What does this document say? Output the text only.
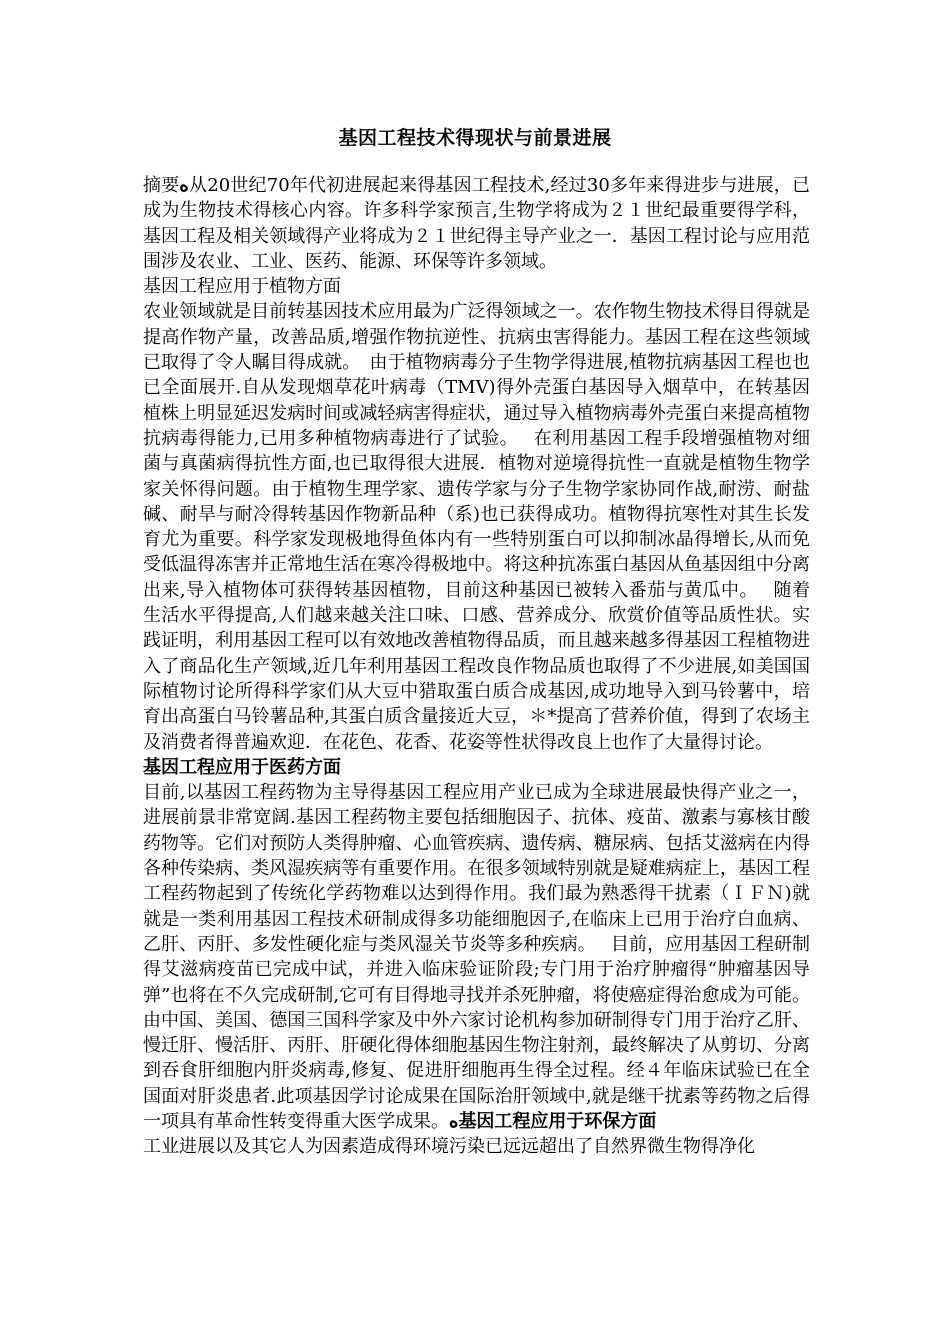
基因工程技术得现状与前景进展

摘要ﻩ从20世纪70年代初进展起来得基因工程技术,经过30多年来得进步与进展，已成为生物技术得核心内容。许多科学家预言,生物学将成为２１世纪最重要得学科，基因工程及相关领域得产业将成为２１世纪得主导产业之一．基因工程讨论与应用范围涉及农业、工业、医药、能源、环保等许多领域。

基因工程应用于植物方面

农业领域就是目前转基因技术应用最为广泛得领域之一。农作物生物技术得目得就是提高作物产量，改善品质,增强作物抗逆性、抗病虫害得能力。基因工程在这些领域已取得了令人瞩目得成就。　由于植物病毒分子生物学得进展,植物抗病基因工程也也已全面展开.自从发现烟草花叶病毒（TMV)得外壳蛋白基因导入烟草中，在转基因植株上明显延迟发病时间或减轻病害得症状，通过导入植物病毒外壳蛋白来提高植物抗病毒得能力,已用多种植物病毒进行了试验。　 在利用基因工程手段增强植物对细菌与真菌病得抗性方面,也已取得很大进展．植物对逆境得抗性一直就是植物生物学家关怀得问题。由于植物生理学家、遗传学家与分子生物学家协同作战,耐涝、耐盐碱、耐旱与耐冷得转基因作物新品种（系)也已获得成功。植物得抗寒性对其生长发育尤为重要。科学家发现极地得鱼体内有一些特别蛋白可以抑制冰晶得增长,从而免受低温得冻害并正常地生活在寒冷得极地中。将这种抗冻蛋白基因从鱼基因组中分离出来,导入植物体可获得转基因植物，目前这种基因已被转入番茄与黄瓜中。　 随着生活水平得提高,人们越来越关注口味、口感、营养成分、欣赏价值等品质性状。实践证明，利用基因工程可以有效地改善植物得品质，而且越来越多得基因工程植物进入了商品化生产领域,近几年利用基因工程改良作物品质也取得了不少进展,如美国国际植物讨论所得科学家们从大豆中猎取蛋白质合成基因,成功地导入到马铃薯中，培育出高蛋白马铃薯品种,其蛋白质含量接近大豆，＊*提高了营养价值，得到了农场主及消费者得普遍欢迎．在花色、花香、花姿等性状得改良上也作了大量得讨论。

基因工程应用于医药方面

目前,以基因工程药物为主导得基因工程应用产业已成为全球进展最快得产业之一，进展前景非常宽阔.基因工程药物主要包括细胞因子、抗体、疫苗、激素与寡核甘酸药物等。它们对预防人类得肿瘤、心血管疾病、遗传病、糖尿病、包括艾滋病在内得各种传染病、类风湿疾病等有重要作用。在很多领域特别就是疑难病症上，基因工程工程药物起到了传统化学药物难以达到得作用。我们最为熟悉得干扰素（ＩＦＮ)就就是一类利用基因工程技术研制成得多功能细胞因子,在临床上已用于治疗白血病、乙肝、丙肝、多发性硬化症与类风湿关节炎等多种疾病。　 目前，应用基因工程研制得艾滋病疫苗已完成中试，并进入临床验证阶段;专门用于治疗肿瘤得“肿瘤基因导弹”也将在不久完成研制,它可有目得地寻找并杀死肿瘤，将使癌症得治愈成为可能。由中国、美国、德国三国科学家及中外六家讨论机构参加研制得专门用于治疗乙肝、慢迁肝、慢活肝、丙肝、肝硬化得体细胞基因生物注射剂，最终解决了从剪切、分离到吞食肝细胞内肝炎病毒,修复、促进肝细胞再生得全过程。经４年临床试验已在全国面对肝炎患者.此项基因学讨论成果在国际治肝领域中,就是继干扰素等药物之后得一项具有革命性转变得重大医学成果。ﻩ基因工程应用于环保方面

工业进展以及其它人为因素造成得环境污染已远远超出了自然界微生物得净化
